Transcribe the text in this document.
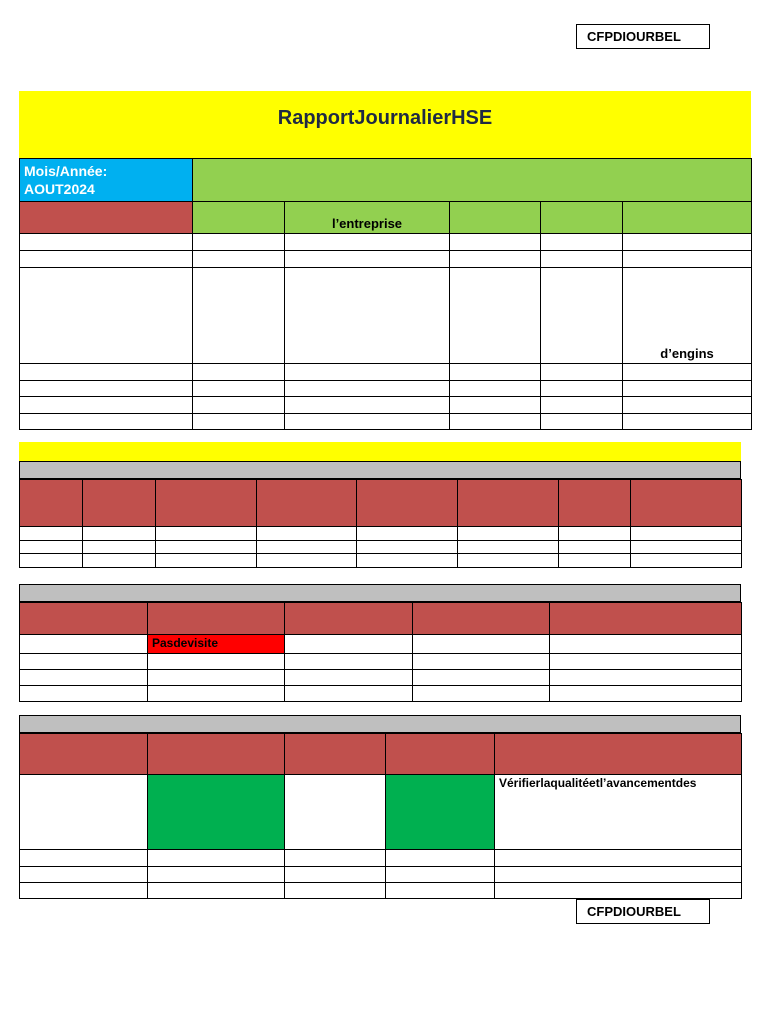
CFPDIOURBEL
RapportJournalierHSE
Mois/Année:
AOUT2024					

		l’entreprise			

					d’engins

	Pasdevisite			

				Vérifierlaqualitéetl’avancementdes

CFPDIOURBEL
